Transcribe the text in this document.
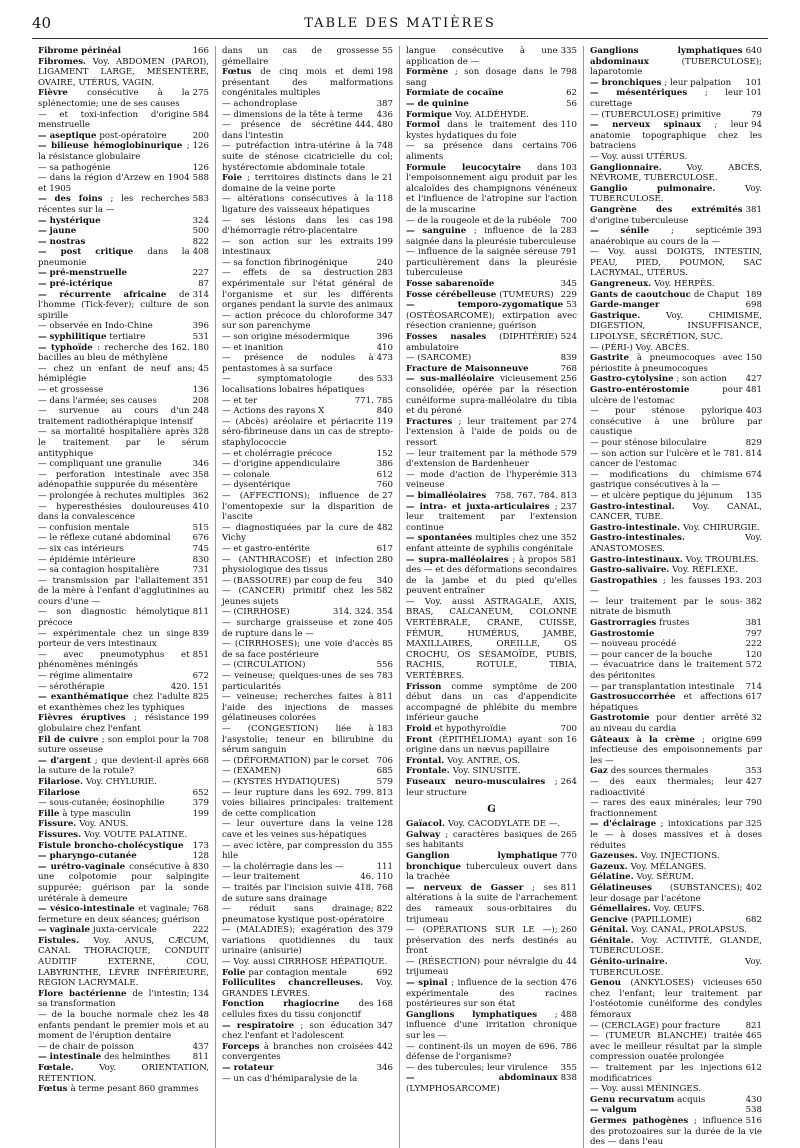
40	TABLE DES MATIÈRES
166
Fibrome périnéal
Fibromes. Voy. ABDOMEN (PAROI), LIGAMENT LARGE, MÉSENTÈRE, OVAIRE, UTÉRUS, VAGIN.
275
Fièvre consécutive à la splénectomie; une de ses causes
584
— et toxi-infection d'origine menstruelle
200
— aseptique post-opératoire
126
— bilieuse hémoglobinurique ; la résistance globulaire
126
— sa pathogénie
588
— dans la région d'Arzew en 1904 et 1905
583
— des foins ; les recherches récentes sur la —
324
— hystérique
500
— jaune
822
— nostras
408
— post critique dans la pneumonie
227
— pré-menstruelle
87
— pré-ictérique
314
— récurrente africaine de l'homme (Tick-fever); culture de son spirille
396
— observée en Indo-Chine
531
— syphilitique tertiaire
162. 180
— typhoïde : recherche des bacilles au bleu de méthylène
45
— chez un enfant de neuf ans; hémiplégie
136
— et grossesse
208
— dans l'armée; ses causes
248
— survenue au cours d'un traitement radiothérapique intensif
328
— sa mortalité hospitalière après le traitement par le sérum antityphique
346
— compliquant une granulie
358
— perforation intestinale avec adénopathie suppurée du mésentère
362
— prolongée à rechutes multiples
410
— hyperesthésies douloureuses dans la convalescence
515
— confusion mentale
676
— le réflexe cutané abdominal
745
— six cas intérieurs
830
— épidémie intérieure
731
— sa contagion hospitalière
351
— transmission par l'allaitement de la mère à l'enfant d'agglutinines au cours d'une —
811
— son diagnostic hémolytique précoce
839
— expérimentale chez un singe porteur de vers intestinaux
851
— avec pneumotyphus et phénomènes méningés
672
— régime alimentaire
420. 151
— sérothérapie
825
— exanthématique chez l'adulte et exanthèmes chez les typhiques
199
Fièvres éruptives ; résistance globulaire chez l'enfant
708
Fil de cuivre ; son emploi pour la suture osseuse
668
— d'argent ; que devient-il après la suture de la rotule?
Filariose. Voy. CHYLURIE.
652
Filariose
379
— sous-cutanée; éosinophilie
199
Fille à type masculin
Fissure. Voy. ANUS.
Fissures. Voy. VOUTE PALATINE.
173
Fistule broncho-cholécystique
128
— pharyngo-cutanée
830
— urétro-vaginale consécutive à une colpotomie pour salpingite suppurée; guérison par la sonde urétérale à demeure
768
— vésico-intestinale et vaginale; fermeture en deux séances; guérison
222
— vaginale juxta-cervicale
Fistules. Voy. ANUS, CÆCUM, CANAL THORACIQUE, CONDUIT AUDITIF EXTERNE, COU, LABYRINTHE, LÈVRE INFÉRIEURE, RÉGION LACRYMALE.
134
Flore bactérienne de l'intestin; sa transformation
48
— de la bouche normale chez les enfants pendant le premier mois et au moment de l'éruption dentaire
437
— de chair de poisson
811
— intestinale des helminthes
Fœtale. Voy. ORIENTATION, RÉTENTION.
Fœtus à terme pesant 860 grammes
55
dans un cas de grossesse gémellaire
198
Fœtus de cinq mois et demi présentant des malformations congénitales multiples
387
— achondroplase
436
— dimensions de la tête à terme
444. 480
— présence de sécrétine dans l'intestin
748
— putréfaction intra-utérine à la suite de sténose cicatricielle du col; hystérectomie abdominale totale
21
Foie ; territoires distincts dans le domaine de la veine porte
118
— altérations consécutives à la ligature des vaisseaux hépatiques
198
— ses lésions dans les cas d'hémorragie rétro-placentaire
199
— son action sur les extraits intestinaux
240
— sa fonction fibrinogénique
283
— effets de sa destruction expérimentale sur l'état général de l'organisme et sur les différents organes pendant la survie des animaux
347
— action précoce du chloroforme sur son parenchyme
396
— son origine mésodermique
410
— et inanition
473
— présence de nodules à pentastomes à sa surface
533
— symptomatologie des localisations lobaires hépatiques
771. 785
— et ter
840
— Actions des rayons X
119
— (Abcès) aréolaire et périacrite séro-fibrineuse dans un cas de strepto-staphylococcie
152
— et cholérragie précoce
386
— d'origine appendiculaire
612
— colonale
760
— dysentérique
27
— (AFFECTIONS); influence de l'omentopexie sur la disparition de l'ascite
482
— diagnostiquées par la cure de Vichy
617
— et gastro-entérite
280
— (ANTHRACOSE) et infection physiologique des tissus
340
— (BASSOURE) par coup de feu
582
— (CANCER) primitif chez les jeunes sujets
314. 324. 354
— (CIRRHOSE)
405
— surcharge graisseuse et zone de rupture dans le —
85
— (CIRRHOSES); une voie d'accès de sa face postérieure
556
— (CIRCULATION)
783
— veineuse; quelques-unes de ses particularités
811
— veineuse; recherches faites à l'aide des injections de masses gélatineuses colorées
183
— (CONGESTION) liée à l'asystolie; teneur en bilirubine du sérum sanguin
706
— (DÉFORMATION) par le corset
685
— (EXAMEN)
579
— (KYSTES HYDATIQUES)
692. 799. 813
— leur rupture dans les voies biliaires principales: traitement de cette complication
128
— leur ouverture dans la veine cave et les veines sus-hépatiques
355
— avec ictère, par compression du hile
111
— la cholérragie dans les —
46. 110
— leur traitement
418. 768
— traités par l'incision suivie de suture sans drainage
822
— réduit sans drainage; pneumatose kystique post-opératoire
379
— (MALADIES); exagération des variations quotidiennes du taux urinaire (anisurie)
— Voy. aussi CIRRHOSE HÉPATIQUE.
692
Folie par contagion mentale
Folliculites chancrelleuses. Voy. GRANDES LÈVRES.
168
Fonction rhagiocrine des cellules fixes du tissu conjonctif
347
— respiratoire ; son éducation chez l'enfant et l'adolescent
442
Forceps à branches non croisées convergentes
346
— rotateur
— un cas d'hémiparalysie de la
335
langue consécutive à une application de —
798
Formène ; son dosage dans le sang
62
Formiate de cocaïne
56
— de quinine
Formique Voy. ALDÉHYDE.
110
Formol dans le traitement des kystes hydatiques du foie
706
— sa présence dans certains aliments
103
Formule leucocytaire dans l'empoisonnement aigu produit par les alcaloïdes des champignons vénéneux et l'influence de l'atropine sur l'action de la muscarine
700
— de la rougeole et de la rubéole
283
— sanguine ; influence de la saignée dans la pleurésie tuberculeuse
791
— influence de la saignée séreuse particulièrement dans la pleurésie tuberculeuse
345
Fosse sabarenoïde
229
Fosse cérébelleuse (TUMEURS)
53
— temporo-zygomatique (OSTÉOSARCOME); extirpation avec résection cranienne; guérison
524
Fosses nasales (DIPHTÉRIE) ambulatoire
839
— (SARCOME)
768
Fracture de Maisonneuve
256
— sus-malléolaire vicieusement consolidée, opérée par la résection cunéiforme supra-malléolaire du tibia et du péroné
274
Fractures ; leur traitement par l'extension à l'aide de poids ou de ressort
579
— leur traitement par la méthode d'extension de Bardenheuer
313
— mode d'action de l'hyperémie veineuse
758. 767. 784. 813
— bimalléolaires
237
— intra- et juxta-articulaires ; leur traitement par l'extension continue
352
— spontanées multiples chez une enfant atteinte de syphilis congénitale
581
— supra-malléolaires ; à propos des — et des déformations secondaires de la jambe et du pied qu'elles peuvent entraîner
— Voy. aussi ASTRAGALE, AXIS, BRAS, CALCANÉUM, COLONNE VERTÉBRALE, CRANE, CUISSE, FÉMUR, HUMÉRUS, JAMBE, MAXILLAIRES, OREILLE, OS CROCHU, OS SÉSAMOÏDE, PUBIS, RACHIS, ROTULE, TIBIA, VERTÈBRES.
200
Frisson comme symptôme de début dans un cas d'appendicite accompagné de phlébite du membre inférieur gauche
700
Froid et hypothyroïdie
16
Front (ÉPITHÉLIOMA) ayant son origine dans un nævus papillaire
Frontal. Voy. ANTRE, OS.
Frontale. Voy. SINUSITE.
264
Fuseaux neuro-musculaires ; leur structure
G
Gaïacol. Voy. CACODYLATE DE —.
265
Galway ; caractères basiques de ses habitants
770
Ganglion lymphatique bronchique tuberculeux ouvert dans la trachée
811
— nerveux de Gasser ; ses altérations à la suite de l'arrachement des rameaux sous-orbitaires du trijumeau
260
— (OPÉRATIONS SUR LE —); préservation des nerfs destinés au front
44
— (RÉSECTION) pour névralgie du trijumeau
476
— spinal ; influence de la section expérimentale des racines postérieures sur son état
488
Ganglions lymphatiques ; influence d'une irritation chronique sur les —
696. 786
— continent-ils un moyen de défense de l'organisme?
355
— des tubercules; leur virulence
838
— abdominaux (LYMPHOSARCOME)
640
Ganglions lymphatiques abdominaux (TUBERCULOSE); laparotomie
101
— bronchiques ; leur palpation
101
— mésentériques ; leur curettage
79
— (TUBERCULOSE) primitive
94
— nerveux spinaux ; leur anatomie topographique chez les batraciens
— Voy. aussi UTÉRUS.
Ganglionnaire. Voy. ABCÈS, NÉVROME, TUBERCULOSE.
Ganglio pulmonaire. Voy. TUBERCULOSE.
381
Gangrène des extrémités d'origine tuberculeuse
393
— sénile ; septicémie anaérobique au cours de la —
— Voy. aussi DOIGTS, INTESTIN, PEAU, PIED, POUMON, SAC LACRYMAL, UTÉRUS.
Gangreneux. Voy. HERPÈS.
189
Gants de caoutchouc de Chaput
698
Garde-manger
Gastrique. Voy. CHIMISME, DIGESTION, INSUFFISANCE, LIPOLYSE, SÉCRÉTION, SUC.
— (PÉRI-) Voy. ABCÈS.
150
Gastrite à pneumocoques avec périostite à pneumocoques
427
Gastro-cytolysine ; son action
481
Gastro-entérostomie pour ulcère de l'estomac
403
— pour sténose pylorique consécutive à une brûlure par caustique
829
— pour sténose biloculaire
781. 814
— son action sur l'ulcère et le cancer de l'estomac
674
— modifications du chimisme gastrique consécutives à la —
135
— et ulcère peptique du jéjunum
Gastro-intestinal. Voy. CANAL, CANCER, TUBE.
Gastro-intestinale. Voy. CHIRURGIE.
Gastro-intestinales. Voy. ANASTOMOSES.
Gastro-intestinaux. Voy. TROUBLES.
Gastro-salivaire. Voy. RÉFLEXE.
193. 203
Gastropathies ; les fausses —
382
— leur traitement par le sous-nitrate de bismuth
381
Gastrorragies frustes
797
Gastrostomie
222
— nouveau procédé
120
— pour cancer de la bouche
572
— évacuatrice dans le traitement des péritonites
714
— par transplantation intestinale
617
Gastrosuccorrhée et affections hépatiques
32
Gastrotomie pour dentier arrêté au niveau du cardia
699
Gâteaux à la crème ; origine infectieuse des empoisonnements par les —
353
Gaz des sources thermales
427
— des eaux thermales; leur radioactivité
790
— rares des eaux minérales; leur fractionnement
325
— d'éclairage ; intoxications par le — à doses massives et à doses réduites
Gazeuses. Voy. INJECTIONS.
Gazeux. Voy. MÉLANGES.
Gélatine. Voy. SÉRUM.
402
Gélatineuses (SUBSTANCES); leur dosage par l'acétone
Gémellaires. Voy. ŒUFS.
682
Gencive (PAPILLOME)
Génital. Voy. CANAL, PROLAPSUS.
Génitale. Voy. ACTIVITÉ, GLANDE, TUBERCULOSE.
Génito-urinaire. Voy. TUBERCULOSE.
650
Genou (ANKYLOSES) vicieuses chez l'enfant; leur traitement par l'ostéotomie cunéiforme des condyles fémoraux
821
— (CERCLAGE) pour fracture
465
— (TUMEUR BLANCHE) traitée avec le meilleur résultat par la simple compression ouatée prolongée
612
— traitement par les injections modificatrices
— Voy. aussi MÉNINGES.
430
Genu recurvatum acquis
538
— valgum
516
Germes pathogènes ; influence des protozoaires sur la durée de la vie des — dans l'eau
